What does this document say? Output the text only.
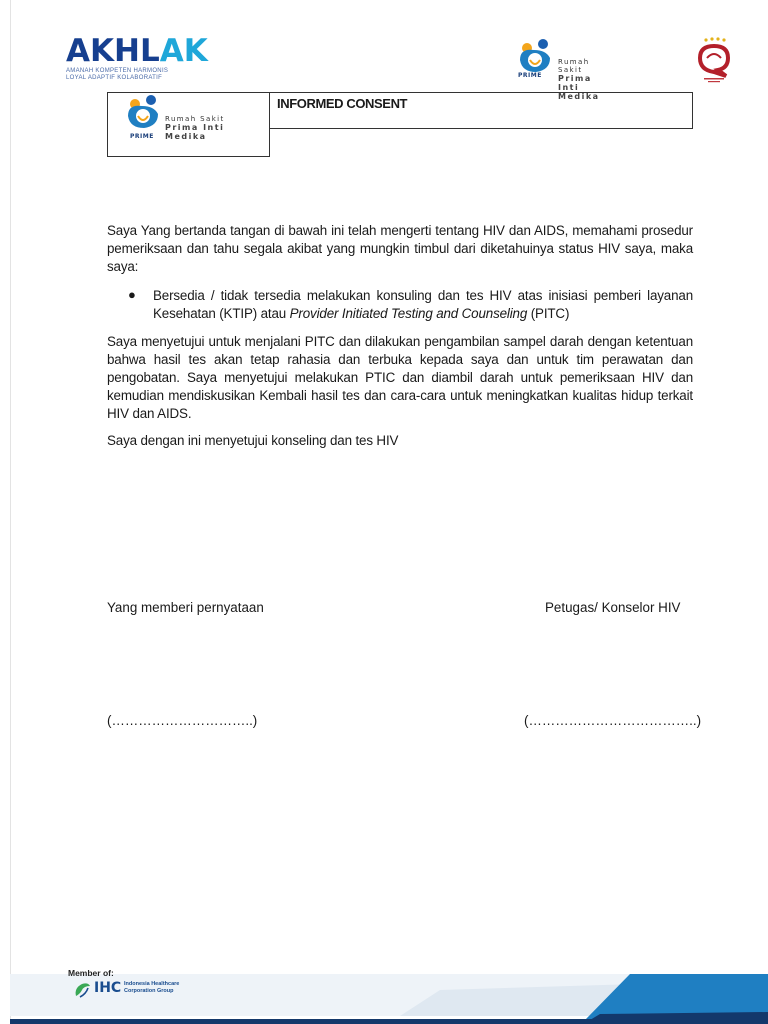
AKHLAK
AMANAH KOMPETEN HARMONIS
LOYAL ADAPTIF KOLABORATIF	PRIME
Rumah Sakit
Prima Inti Medika
PRIME
Rumah Sakit
Prima Inti Medika
INFORMED CONSENT
Saya Yang bertanda tangan di bawah ini telah mengerti tentang HIV dan AIDS, memahami prosedur pemeriksaan dan tahu segala akibat yang mungkin timbul dari diketahuinya status HIV saya, maka saya:
● Bersedia / tidak tersedia melakukan konsuling dan tes HIV atas inisiasi pemberi layanan Kesehatan (KTIP) atau Provider Initiated Testing and Counseling (PITC)
Saya menyetujui untuk menjalani PITC dan dilakukan pengambilan sampel darah dengan ketentuan bahwa hasil tes akan tetap rahasia dan terbuka kepada saya dan untuk tim perawatan dan pengobatan. Saya menyetujui melakukan PTIC dan diambil darah untuk pemeriksaan HIV dan kemudian mendiskusikan Kembali hasil tes dan cara-cara untuk meningkatkan kualitas hidup terkait HIV dan AIDS.
Saya dengan ini menyetujui konseling dan tes HIV
Yang memberi pernyataan	Petugas/ Konselor HIV
(…………………………..)	(………………………………..)
Member of:
IHC Indonesia Healthcare
Corporation Group
